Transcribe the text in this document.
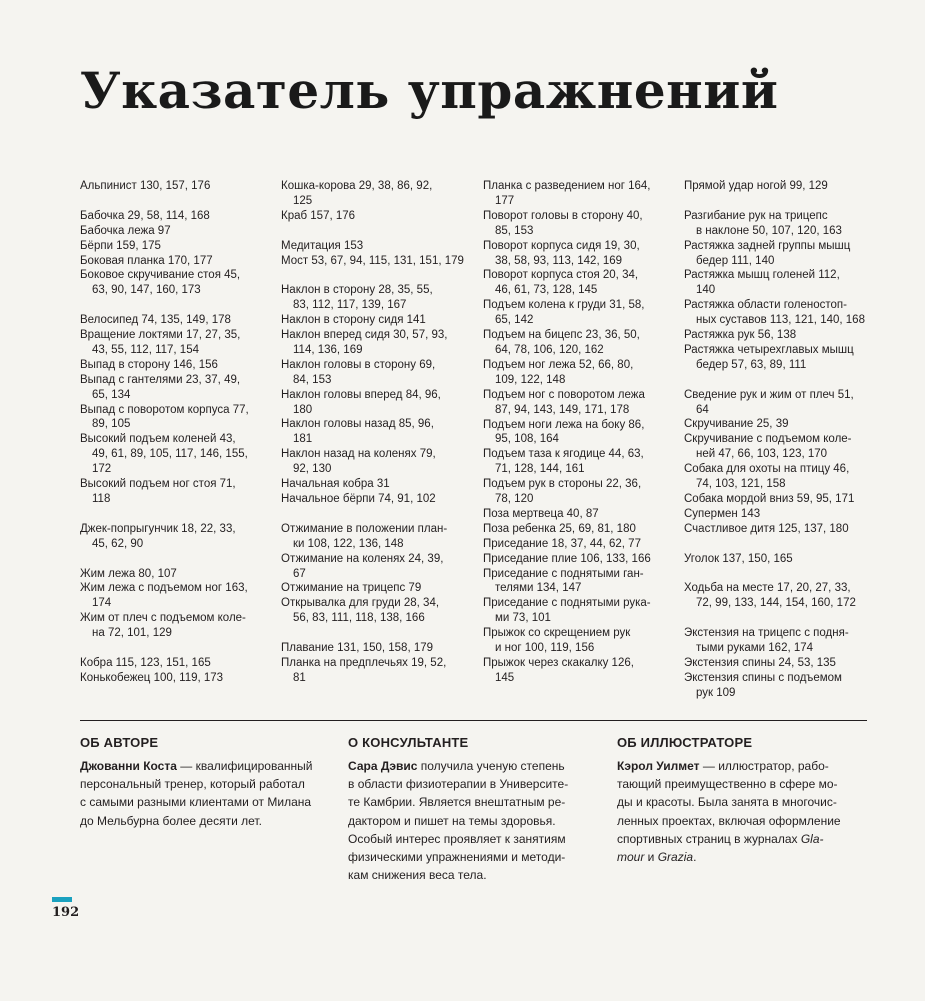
Указатель упражнений
Альпинист 130, 157, 176
Бабочка 29, 58, 114, 168
Бабочка лежа 97
Бёрпи 159, 175
Боковая планка 170, 177
Боковое скручивание стоя 45,
63, 90, 147, 160, 173
Велосипед 74, 135, 149, 178
Вращение локтями 17, 27, 35,
43, 55, 112, 117, 154
Выпад в сторону 146, 156
Выпад с гантелями 23, 37, 49,
65, 134
Выпад с поворотом корпуса 77,
89, 105
Высокий подъем коленей 43,
49, 61, 89, 105, 117, 146, 155,
172
Высокий подъем ног стоя 71,
118
Джек-попрыгунчик 18, 22, 33,
45, 62, 90
Жим лежа 80, 107
Жим лежа с подъемом ног 163,
174
Жим от плеч с подъемом коле-
на 72, 101, 129
Кобра 115, 123, 151, 165
Конькобежец 100, 119, 173
Кошка-корова 29, 38, 86, 92,
125
Краб 157, 176
Медитация 153
Мост 53, 67, 94, 115, 131, 151, 179
Наклон в сторону 28, 35, 55,
83, 112, 117, 139, 167
Наклон в сторону сидя 141
Наклон вперед сидя 30, 57, 93,
114, 136, 169
Наклон головы в сторону 69,
84, 153
Наклон головы вперед 84, 96,
180
Наклон головы назад 85, 96,
181
Наклон назад на коленях 79,
92, 130
Начальная кобра 31
Начальное бёрпи 74, 91, 102
Отжимание в положении план-
ки 108, 122, 136, 148
Отжимание на коленях 24, 39,
67
Отжимание на трицепс 79
Открывалка для груди 28, 34,
56, 83, 111, 118, 138, 166
Плавание 131, 150, 158, 179
Планка на предплечьях 19, 52,
81
Планка с разведением ног 164,
177
Поворот головы в сторону 40,
85, 153
Поворот корпуса сидя 19, 30,
38, 58, 93, 113, 142, 169
Поворот корпуса стоя 20, 34,
46, 61, 73, 128, 145
Подъем колена к груди 31, 58,
65, 142
Подъем на бицепс 23, 36, 50,
64, 78, 106, 120, 162
Подъем ног лежа 52, 66, 80,
109, 122, 148
Подъем ног с поворотом лежа
87, 94, 143, 149, 171, 178
Подъем ноги лежа на боку 86,
95, 108, 164
Подъем таза к ягодице 44, 63,
71, 128, 144, 161
Подъем рук в стороны 22, 36,
78, 120
Поза мертвеца 40, 87
Поза ребенка 25, 69, 81, 180
Приседание 18, 37, 44, 62, 77
Приседание плие 106, 133, 166
Приседание с поднятыми ган-
телями 134, 147
Приседание с поднятыми рука-
ми 73, 101
Прыжок со скрещением рук
и ног 100, 119, 156
Прыжок через скакалку 126,
145
Прямой удар ногой 99, 129
Разгибание рук на трицепс
в наклоне 50, 107, 120, 163
Растяжка задней группы мышц
бедер 111, 140
Растяжка мышц голеней 112,
140
Растяжка области голеностоп-
ных суставов 113, 121, 140, 168
Растяжка рук 56, 138
Растяжка четырехглавых мышц
бедер 57, 63, 89, 111
Сведение рук и жим от плеч 51,
64
Скручивание 25, 39
Скручивание с подъемом коле-
ней 47, 66, 103, 123, 170
Собака для охоты на птицу 46,
74, 103, 121, 158
Собака мордой вниз 59, 95, 171
Супермен 143
Счастливое дитя 125, 137, 180
Уголок 137, 150, 165
Ходьба на месте 17, 20, 27, 33,
72, 99, 133, 144, 154, 160, 172
Экстензия на трицепс с подня-
тыми руками 162, 174
Экстензия спины 24, 53, 135
Экстензия спины с подъемом
рук 109
ОБ АВТОРЕ
Джованни Коста — квалифицированный
персональный тренер, который работал
с самыми разными клиентами от Милана
до Мельбурна более десяти лет.
О КОНСУЛЬТАНТЕ
Сара Дэвис получила ученую степень
в области физиотерапии в Университе-
те Камбрии. Является внештатным ре-
дактором и пишет на темы здоровья.
Особый интерес проявляет к занятиям
физическими упражнениями и методи-
кам снижения веса тела.
ОБ ИЛЛЮСТРАТОРЕ
Кэрол Уилмет — иллюстратор, рабо-
тающий преимущественно в сфере мо-
ды и красоты. Была занята в многочис-
ленных проектах, включая оформление
спортивных страниц в журналах Gla-
mour и Grazia.
192
